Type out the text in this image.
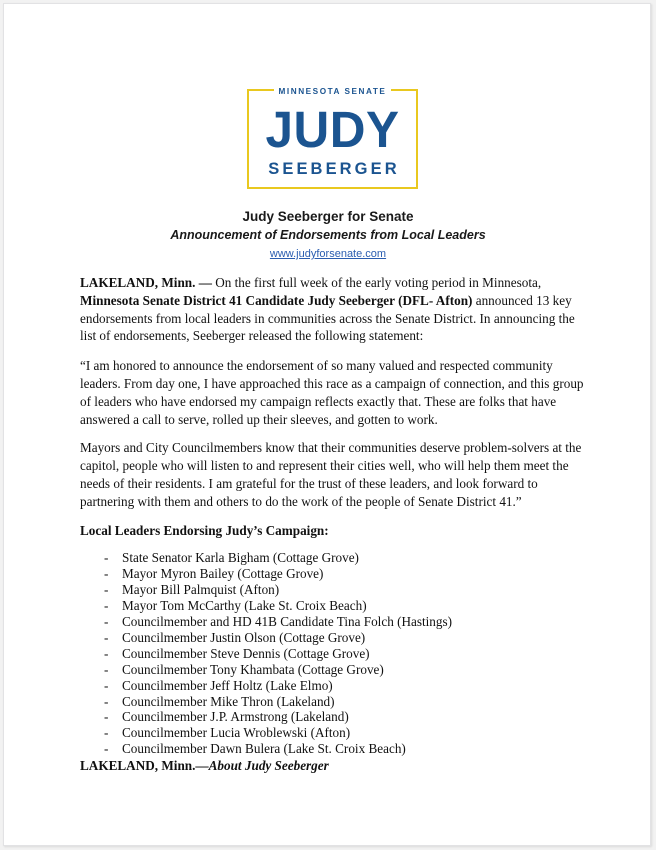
MINNESOTA SENATE
JUDY
SEEBERGER
Judy Seeberger for Senate
Announcement of Endorsements from Local Leaders
www.judyforsenate.com

LAKELAND, Minn. — On the first full week of the early voting period in Minnesota, Minnesota Senate District 41 Candidate Judy Seeberger (DFL- Afton) announced 13 key endorsements from local leaders in communities across the Senate District. In announcing the list of endorsements, Seeberger released the following statement:

“I am honored to announce the endorsement of so many valued and respected community leaders. From day one, I have approached this race as a campaign of connection, and this group of leaders who have endorsed my campaign reflects exactly that. These are folks that have answered a call to serve, rolled up their sleeves, and gotten to work.

Mayors and City Councilmembers know that their communities deserve problem-solvers at the capitol, people who will listen to and represent their cities well, who will help them meet the needs of their residents. I am grateful for the trust of these leaders, and look forward to partnering with them and others to do the work of the people of Senate District 41.”

Local Leaders Endorsing Judy’s Campaign:

- State Senator Karla Bigham (Cottage Grove)
- Mayor Myron Bailey (Cottage Grove)
- Mayor Bill Palmquist (Afton)
- Mayor Tom McCarthy (Lake St. Croix Beach)
- Councilmember and HD 41B Candidate Tina Folch (Hastings)
- Councilmember Justin Olson (Cottage Grove)
- Councilmember Steve Dennis (Cottage Grove)
- Councilmember Tony Khambata (Cottage Grove)
- Councilmember Jeff Holtz (Lake Elmo)
- Councilmember Mike Thron (Lakeland)
- Councilmember J.P. Armstrong (Lakeland)
- Councilmember Lucia Wroblewski (Afton)
- Councilmember Dawn Bulera (Lake St. Croix Beach)

LAKELAND, Minn.—About Judy Seeberger
